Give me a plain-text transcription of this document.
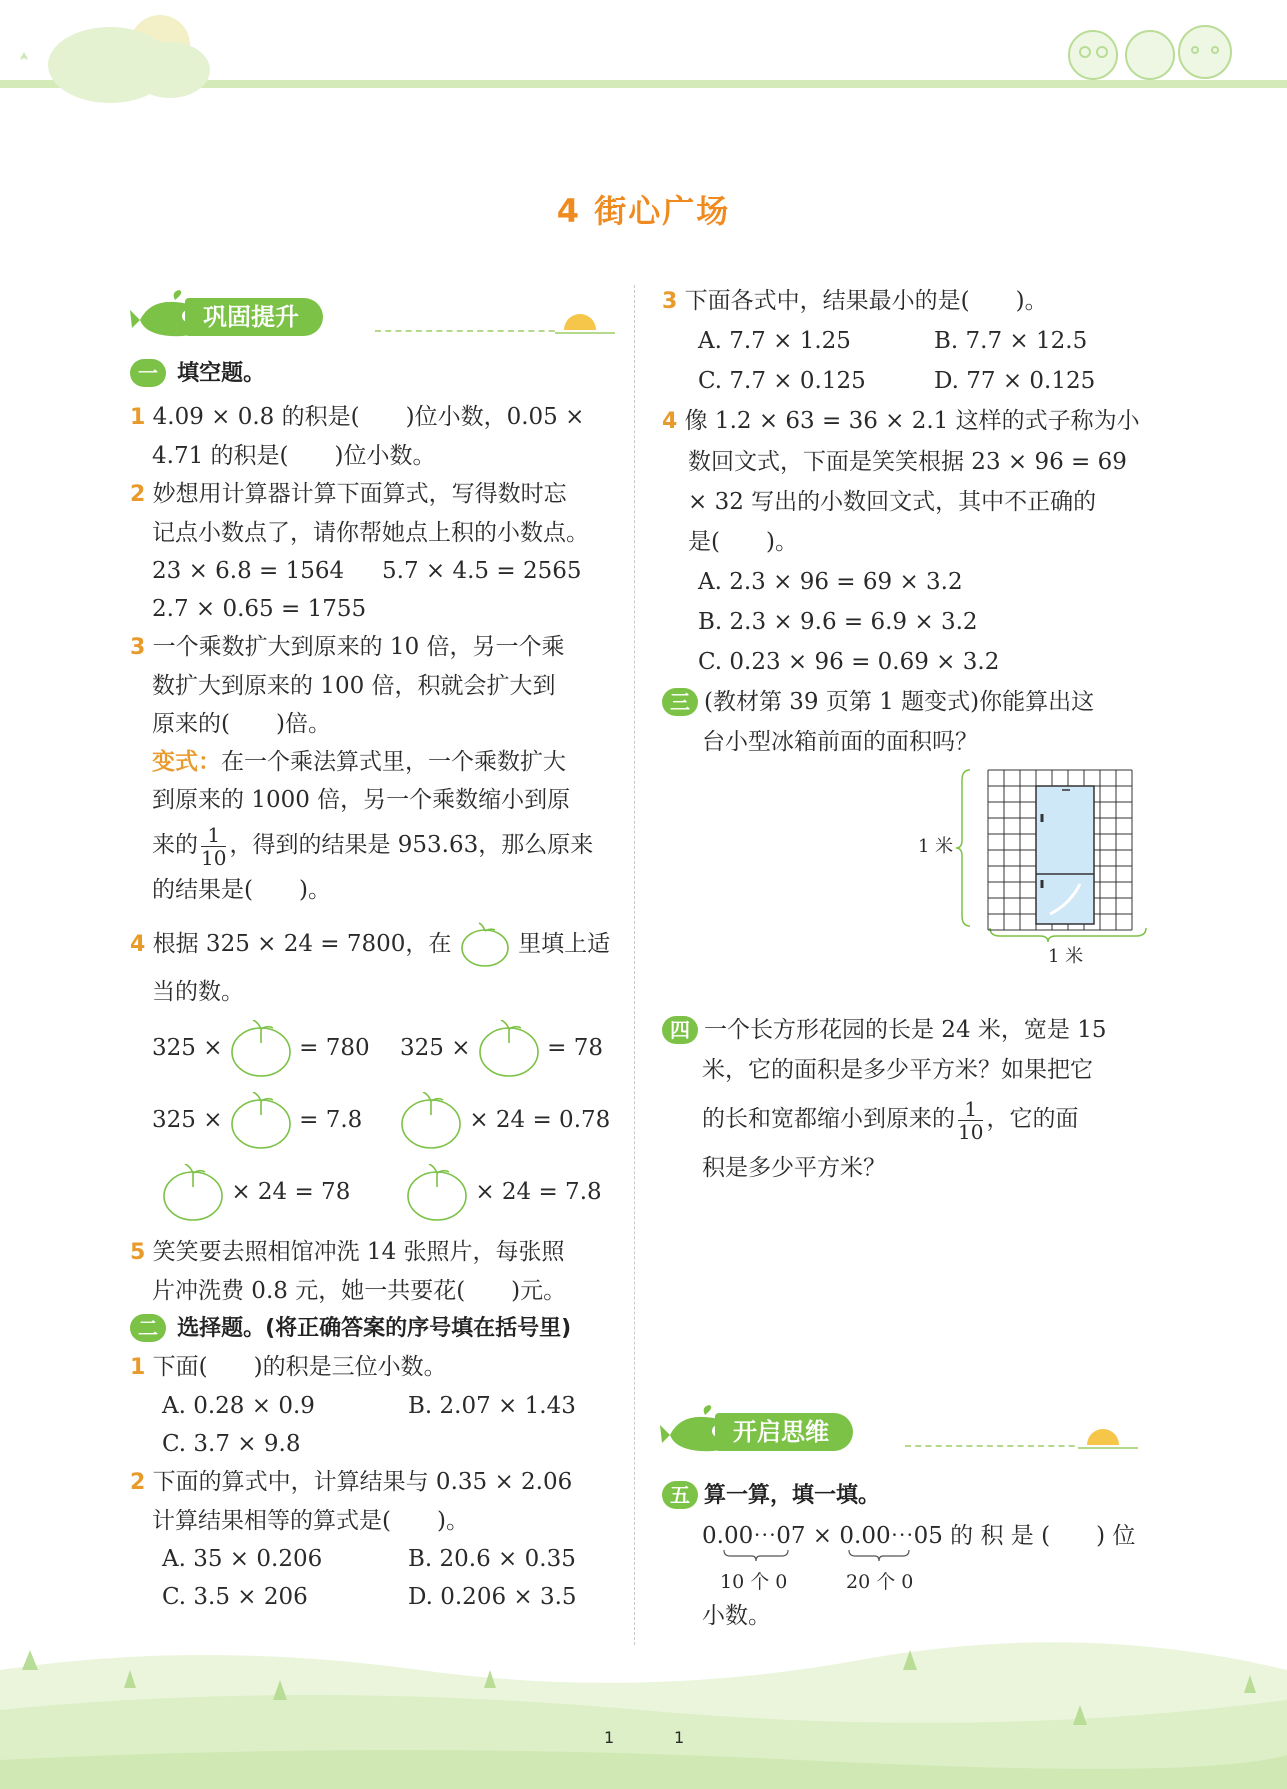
4 街心广场
巩固提升
一 填空题。
1 4.09 × 0.8 的积是(　　)位小数，0.05 ×
4.71 的积是(　　)位小数。
2 妙想用计算器计算下面算式，写得数时忘
记点小数点了，请你帮她点上积的小数点。
23 × 6.8 = 1564 5.7 × 4.5 = 2565
2.7 × 0.65 = 1755
3 一个乘数扩大到原来的 10 倍，另一个乘
数扩大到原来的 100 倍，积就会扩大到
原来的(　　)倍。
变式：在一个乘法算式里，一个乘数扩大
到原来的 1000 倍，另一个乘数缩小到原
来的 $\frac{1}{10}$ ，得到的结果是 953.63，那么原来
的结果是(　　)。
4 根据 325 × 24 = 7800，在	里填上适
当的数。
325 ×	= 780 325 ×	= 78
325 ×	= 7.8	× 24 = 0.78
× 24 = 78	× 24 = 7.8
5 笑笑要去照相馆冲洗 14 张照片，每张照
片冲洗费 0.8 元，她一共要花(　　)元。
二 选择题。(将正确答案的序号填在括号里)
1 下面(　　)的积是三位小数。
A. 0.28 × 0.9	B. 2.07 × 1.43
C. 3.7 × 9.8
2 下面的算式中，计算结果与 0.35 × 2.06
计算结果相等的算式是(　　)。
A. 35 × 0.206	B. 20.6 × 0.35
C. 3.5 × 206	D. 0.206 × 3.5
3 下面各式中，结果最小的是(　　)。
A. 7.7 × 1.25	B. 7.7 × 12.5
C. 7.7 × 0.125	D. 77 × 0.125
4 像 1.2 × 63 = 36 × 2.1 这样的式子称为小
数回文式，下面是笑笑根据 23 × 96 = 69
× 32 写出的小数回文式，其中不正确的
是(　　)。
A. 2.3 × 96 = 69 × 3.2
B. 2.3 × 9.6 = 6.9 × 3.2
C. 0.23 × 96 = 0.69 × 3.2
三 (教材第 39 页第 1 题变式)你能算出这
台小型冰箱前面的面积吗？
1 米
1 米
四 一个长方形花园的长是 24 米，宽是 15
米，它的面积是多少平方米？如果把它
的长和宽都缩小到原来的 $\frac{1}{10}$ ，它的面
积是多少平方米？
开启思维
五 算一算，填一填。
0.00⋯07 × 0.00⋯05 的 积 是 (　　) 位
10 个 0	20 个 0
小数。
1	1
